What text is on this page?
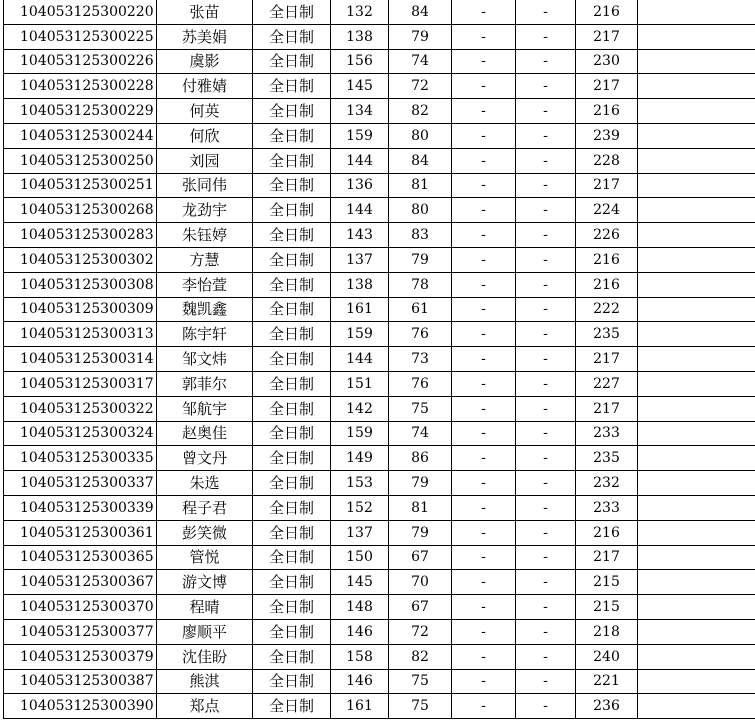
104053125300220	张苗	全日制	132	84	-	-	216	
104053125300225	苏美娟	全日制	138	79	-	-	217	
104053125300226	虞影	全日制	156	74	-	-	230	
104053125300228	付雅婧	全日制	145	72	-	-	217	
104053125300229	何英	全日制	134	82	-	-	216	
104053125300244	何欣	全日制	159	80	-	-	239	
104053125300250	刘园	全日制	144	84	-	-	228	
104053125300251	张同伟	全日制	136	81	-	-	217	
104053125300268	龙劲宇	全日制	144	80	-	-	224	
104053125300283	朱钰婷	全日制	143	83	-	-	226	
104053125300302	方慧	全日制	137	79	-	-	216	
104053125300308	李怡萱	全日制	138	78	-	-	216	
104053125300309	魏凯鑫	全日制	161	61	-	-	222	
104053125300313	陈宇轩	全日制	159	76	-	-	235	
104053125300314	邹文炜	全日制	144	73	-	-	217	
104053125300317	郭菲尔	全日制	151	76	-	-	227	
104053125300322	邹航宇	全日制	142	75	-	-	217	
104053125300324	赵奥佳	全日制	159	74	-	-	233	
104053125300335	曾文丹	全日制	149	86	-	-	235	
104053125300337	朱选	全日制	153	79	-	-	232	
104053125300339	程子君	全日制	152	81	-	-	233	
104053125300361	彭笑微	全日制	137	79	-	-	216	
104053125300365	管悦	全日制	150	67	-	-	217	
104053125300367	游文博	全日制	145	70	-	-	215	
104053125300370	程晴	全日制	148	67	-	-	215	
104053125300377	廖顺平	全日制	146	72	-	-	218	
104053125300379	沈佳盼	全日制	158	82	-	-	240	
104053125300387	熊淇	全日制	146	75	-	-	221	
104053125300390	郑点	全日制	161	75	-	-	236	
